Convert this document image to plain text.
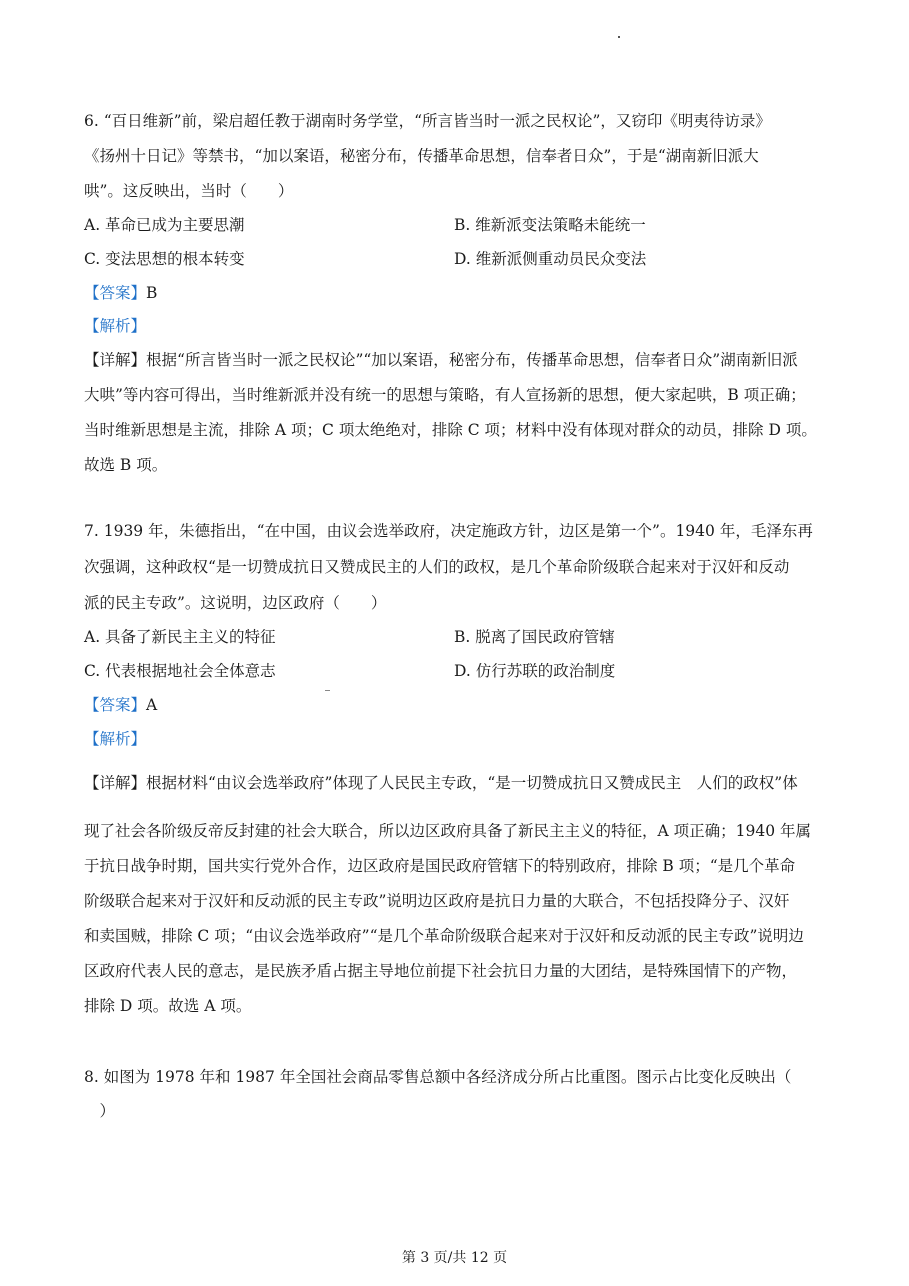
6. “百日维新”前，梁启超任教于湖南时务学堂，“所言皆当时一派之民权论”，又窃印《明夷待访录》
《扬州十日记》等禁书，“加以案语，秘密分布，传播革命思想，信奉者日众”，于是“湖南新旧派大
哄”。这反映出，当时（　　）
A. 革命已成为主要思潮	B. 维新派变法策略未能统一
C. 变法思想的根本转变	D. 维新派侧重动员民众变法
【答案】B
【解析】
【详解】根据“所言皆当时一派之民权论”“加以案语，秘密分布，传播革命思想，信奉者日众”湖南新旧派
大哄”等内容可得出，当时维新派并没有统一的思想与策略，有人宣扬新的思想，便大家起哄，B 项正确；
当时维新思想是主流，排除 A 项；C 项太绝绝对，排除 C 项；材料中没有体现对群众的动员，排除 D 项。
故选 B 项。
7. 1939 年，朱德指出，“在中国，由议会选举政府，决定施政方针，边区是第一个”。1940 年，毛泽东再
次强调，这种政权“是一切赞成抗日又赞成民主的人们的政权，是几个革命阶级联合起来对于汉奸和反动
派的民主专政”。这说明，边区政府（　　）
A. 具备了新民主主义的特征	B. 脱离了国民政府管辖
C. 代表根据地社会全体意志	D. 仿行苏联的政治制度
【答案】A
【解析】
【详解】根据材料“由议会选举政府”体现了人民民主专政，“是一切赞成抗日又赞成民主　人们的政权”体
现了社会各阶级反帝反封建的社会大联合，所以边区政府具备了新民主主义的特征，A 项正确；1940 年属
于抗日战争时期，国共实行党外合作，边区政府是国民政府管辖下的特别政府，排除 B 项；“是几个革命
阶级联合起来对于汉奸和反动派的民主专政”说明边区政府是抗日力量的大联合，不包括投降分子、汉奸
和卖国贼，排除 C 项；“由议会选举政府”“是几个革命阶级联合起来对于汉奸和反动派的民主专政”说明边
区政府代表人民的意志，是民族矛盾占据主导地位前提下社会抗日力量的大团结，是特殊国情下的产物，
排除 D 项。故选 A 项。
8. 如图为 1978 年和 1987 年全国社会商品零售总额中各经济成分所占比重图。图示占比变化反映出（
　）
第 3 页/共 12 页
